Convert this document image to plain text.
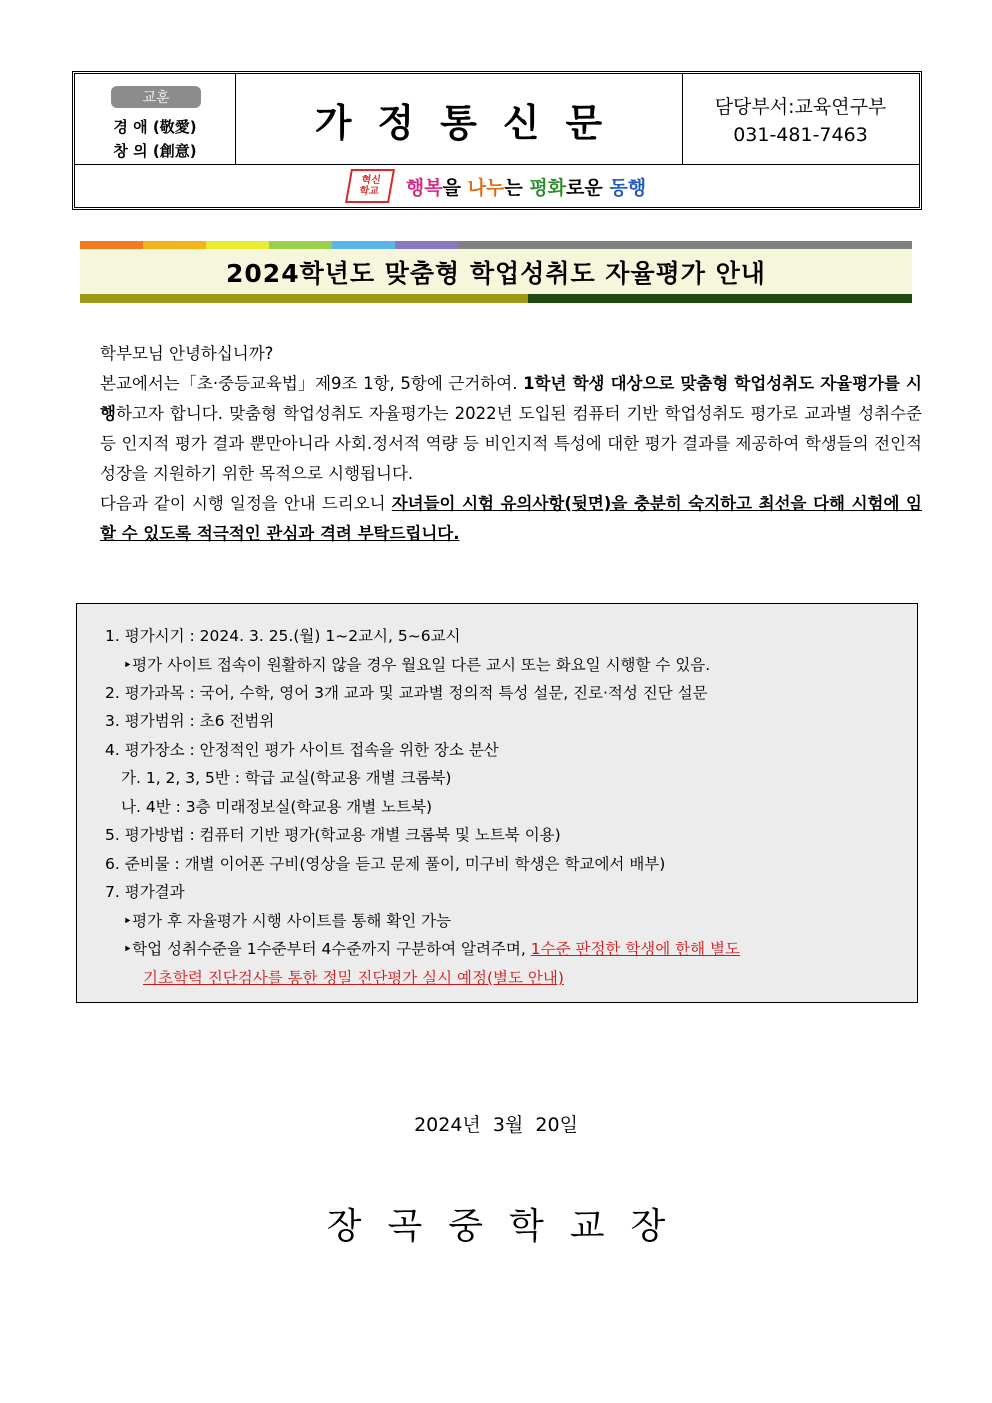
교훈
경 애 (敬愛)
창 의 (創意)
가정통신문	담당부서:교육연구부
031-481-7463
혁신
학교 행복을 나누는 평화로운 동행
2024학년도 맞춤형 학업성취도 자율평가 안내
학부모님 안녕하십니까?
본교에서는「초·중등교육법」제9조 1항, 5항에 근거하여. 1학년 학생 대상으로 맞춤형 학업성취도 자율평가를 시행하고자 합니다. 맞춤형 학업성취도 자율평가는 2022년 도입된 컴퓨터 기반 학업성취도 평가로 교과별 성취수준 등 인지적 평가 결과 뿐만아니라 사회.정서적 역량 등 비인지적 특성에 대한 평가 결과를 제공하여 학생들의 전인적 성장을 지원하기 위한 목적으로 시행됩니다.
다음과 같이 시행 일정을 안내 드리오니 자녀들이 시험 유의사항(뒷면)을 충분히 숙지하고 최선을 다해 시험에 임할 수 있도록 적극적인 관심과 격려 부탁드립니다.
1. 평가시기 : 2024. 3. 25.(월) 1~2교시, 5~6교시
‣평가 사이트 접속이 원활하지 않을 경우 월요일 다른 교시 또는 화요일 시행할 수 있음.
2. 평가과목 : 국어, 수학, 영어 3개 교과 및 교과별 정의적 특성 설문, 진로·적성 진단 설문
3. 평가범위 : 초6 전범위
4. 평가장소 : 안정적인 평가 사이트 접속을 위한 장소 분산
가. 1, 2, 3, 5반 : 학급 교실(학교용 개별 크롬북)
나. 4반 : 3층 미래정보실(학교용 개별 노트북)
5. 평가방법 : 컴퓨터 기반 평가(학교용 개별 크롬북 및 노트북 이용)
6. 준비물 : 개별 이어폰 구비(영상을 듣고 문제 풀이, 미구비 학생은 학교에서 배부)
7. 평가결과
‣평가 후 자율평가 시행 사이트를 통해 확인 가능
‣학업 성취수준을 1수준부터 4수준까지 구분하여 알려주며, 1수준 판정한 학생에 한해 별도
기초학력 진단검사를 통한 정밀 진단평가 실시 예정(별도 안내)
2024년  3월  20일
장곡중학교장
